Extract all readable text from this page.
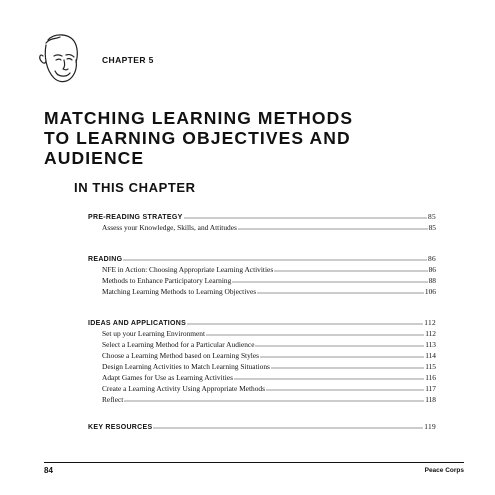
CHAPTER 5
MATCHING LEARNING METHODS
TO LEARNING OBJECTIVES AND
AUDIENCE
IN THIS CHAPTER
PRE-READING STRATEGY	85
Assess your Knowledge, Skills, and Attitudes	85
READING	86
NFE in Action: Choosing Appropriate Learning Activities	86
Methods to Enhance Participatory Learning	88
Matching Learning Methods to Learning Objectives	106
IDEAS AND APPLICATIONS	112
Set up your Learning Environment	112
Select a Learning Method for a Particular Audience	113
Choose a Learning Method based on Learning Styles	114
Design Learning Activities to Match Learning Situations	115
Adapt Games for Use as Learning Activities	116
Create a Learning Activity Using Appropriate Methods	117
Reflect	118
KEY RESOURCES	119
84	Peace Corps
